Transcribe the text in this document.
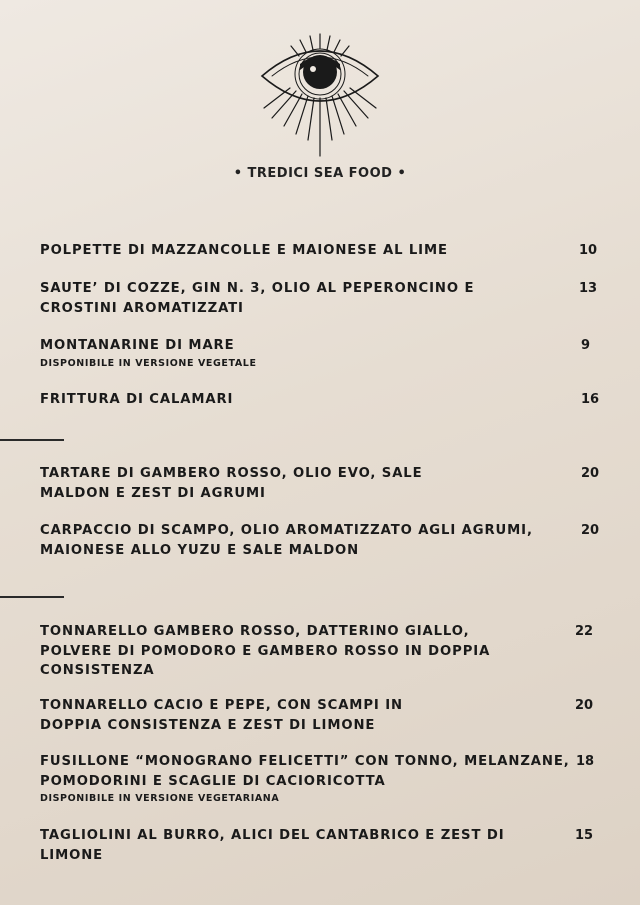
• TREDICI SEA FOOD •
POLPETTE DI MAZZANCOLLE E MAIONESE AL LIME	10
SAUTE’ DI COZZE, GIN N. 3, OLIO AL PEPERONCINO E CROSTINI AROMATIZZATI
13
MONTANARINE DI MARE
DISPONIBILE IN VERSIONE VEGETALE
9
FRITTURA DI CALAMARI	16
TARTARE DI GAMBERO ROSSO, OLIO EVO, SALE MALDON E ZEST DI AGRUMI
20
CARPACCIO DI SCAMPO, OLIO AROMATIZZATO AGLI AGRUMI, MAIONESE ALLO YUZU E SALE MALDON
20
TONNARELLO GAMBERO ROSSO, DATTERINO GIALLO, POLVERE DI POMODORO E GAMBERO ROSSO IN DOPPIA CONSISTENZA
22
TONNARELLO CACIO E PEPE, CON SCAMPI IN DOPPIA CONSISTENZA E ZEST DI LIMONE
20
FUSILLONE “MONOGRANO FELICETTI” CON TONNO, MELANZANE, POMODORINI E SCAGLIE DI CACIORICOTTA
DISPONIBILE IN VERSIONE VEGETARIANA
18
TAGLIOLINI AL BURRO, ALICI DEL CANTABRICO E ZEST DI LIMONE
15
